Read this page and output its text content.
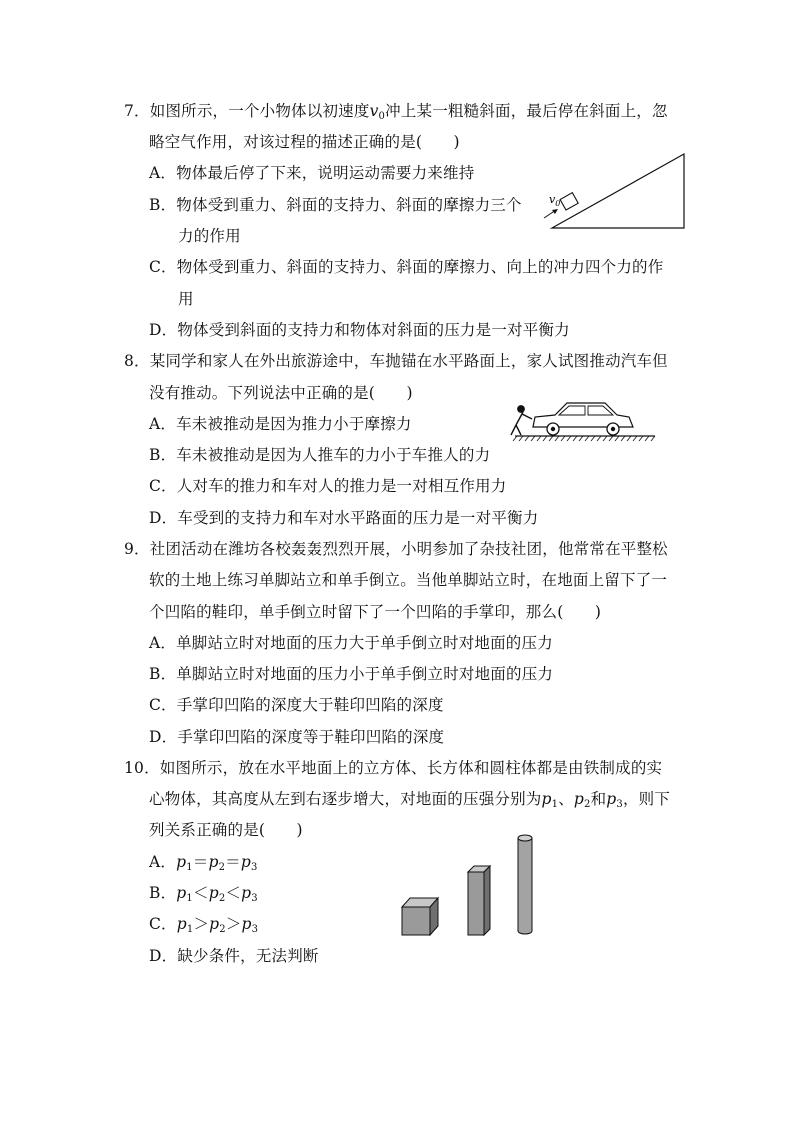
7．如图所示，一个小物体以初速度$v_0$冲上某一粗糙斜面，最后停在斜面上，忽
略空气作用，对该过程的描述正确的是(　　)
A．物体最后停了下来，说明运动需要力来维持
B．物体受到重力、斜面的支持力、斜面的摩擦力三个
力的作用
C．物体受到重力、斜面的支持力、斜面的摩擦力、向上的冲力四个力的作
用
D．物体受到斜面的支持力和物体对斜面的压力是一对平衡力
$v_0$
8．某同学和家人在外出旅游途中，车抛锚在水平路面上，家人试图推动汽车但
没有推动。下列说法中正确的是(　　)
A．车未被推动是因为推力小于摩擦力
B．车未被推动是因为人推车的力小于车推人的力
C．人对车的推力和车对人的推力是一对相互作用力
D．车受到的支持力和车对水平路面的压力是一对平衡力
9．社团活动在潍坊各校轰轰烈烈开展，小明参加了杂技社团，他常常在平整松
软的土地上练习单脚站立和单手倒立。当他单脚站立时，在地面上留下了一
个凹陷的鞋印，单手倒立时留下了一个凹陷的手掌印，那么(　　)
A．单脚站立时对地面的压力大于单手倒立时对地面的压力
B．单脚站立时对地面的压力小于单手倒立时对地面的压力
C．手掌印凹陷的深度大于鞋印凹陷的深度
D．手掌印凹陷的深度等于鞋印凹陷的深度
10．如图所示，放在水平地面上的立方体、长方体和圆柱体都是由铁制成的实
心物体，其高度从左到右逐步增大，对地面的压强分别为$p_1$、$p_2$和$p_3$，则下
列关系正确的是(　　)
A．$p_1=p_2=p_3$
B．$p_1<p_2<p_3$
C．$p_1>p_2>p_3$
D．缺少条件，无法判断
